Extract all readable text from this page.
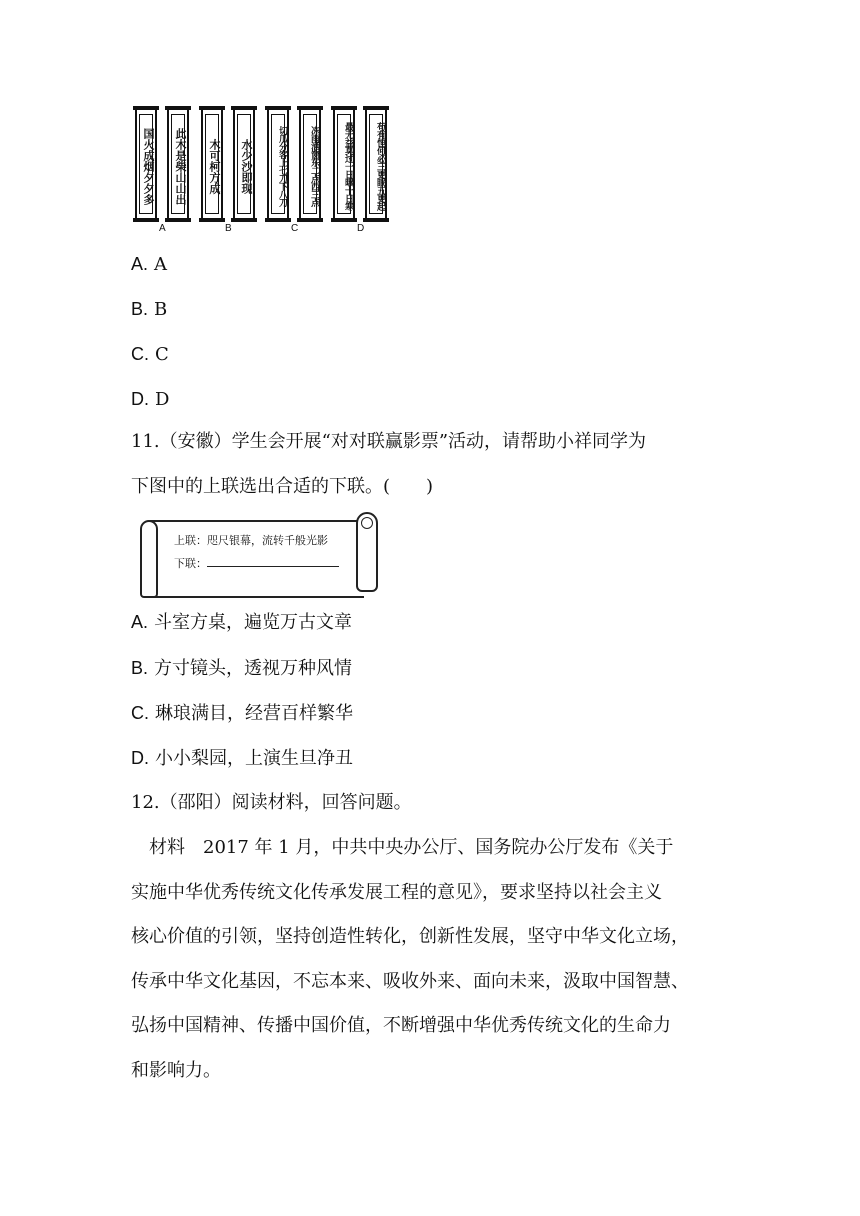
国火成烟夕夕多	此木是柴山山出
A
木可柯方成	水少沙即现
B
切瓜分客上七刀下八刀	冻雨洒窗东二点西三点
C
最无益莫过一日曝十日寒	苟有恒何必三更眠五更起
D
A. A
B. B
C. C
D. D
11.（安徽）学生会开展“对对联赢影票”活动，请帮助小祥同学为
下图中的上联选出合适的下联。(　　)
上联：咫尺银幕，流转千般光影
下联：
A. 斗室方桌，遍览万古文章
B. 方寸镜头，透视万种风情
C. 琳琅满目，经营百样繁华
D. 小小梨园，上演生旦净丑
12.（邵阳）阅读材料，回答问题。
　材料　2017 年 1 月，中共中央办公厅、国务院办公厅发布《关于
实施中华优秀传统文化传承发展工程的意见》，要求坚持以社会主义
核心价值的引领，坚持创造性转化，创新性发展，坚守中华文化立场，
传承中华文化基因，不忘本来、吸收外来、面向未来，汲取中国智慧、
弘扬中国精神、传播中国价值，不断增强中华优秀传统文化的生命力
和影响力。
